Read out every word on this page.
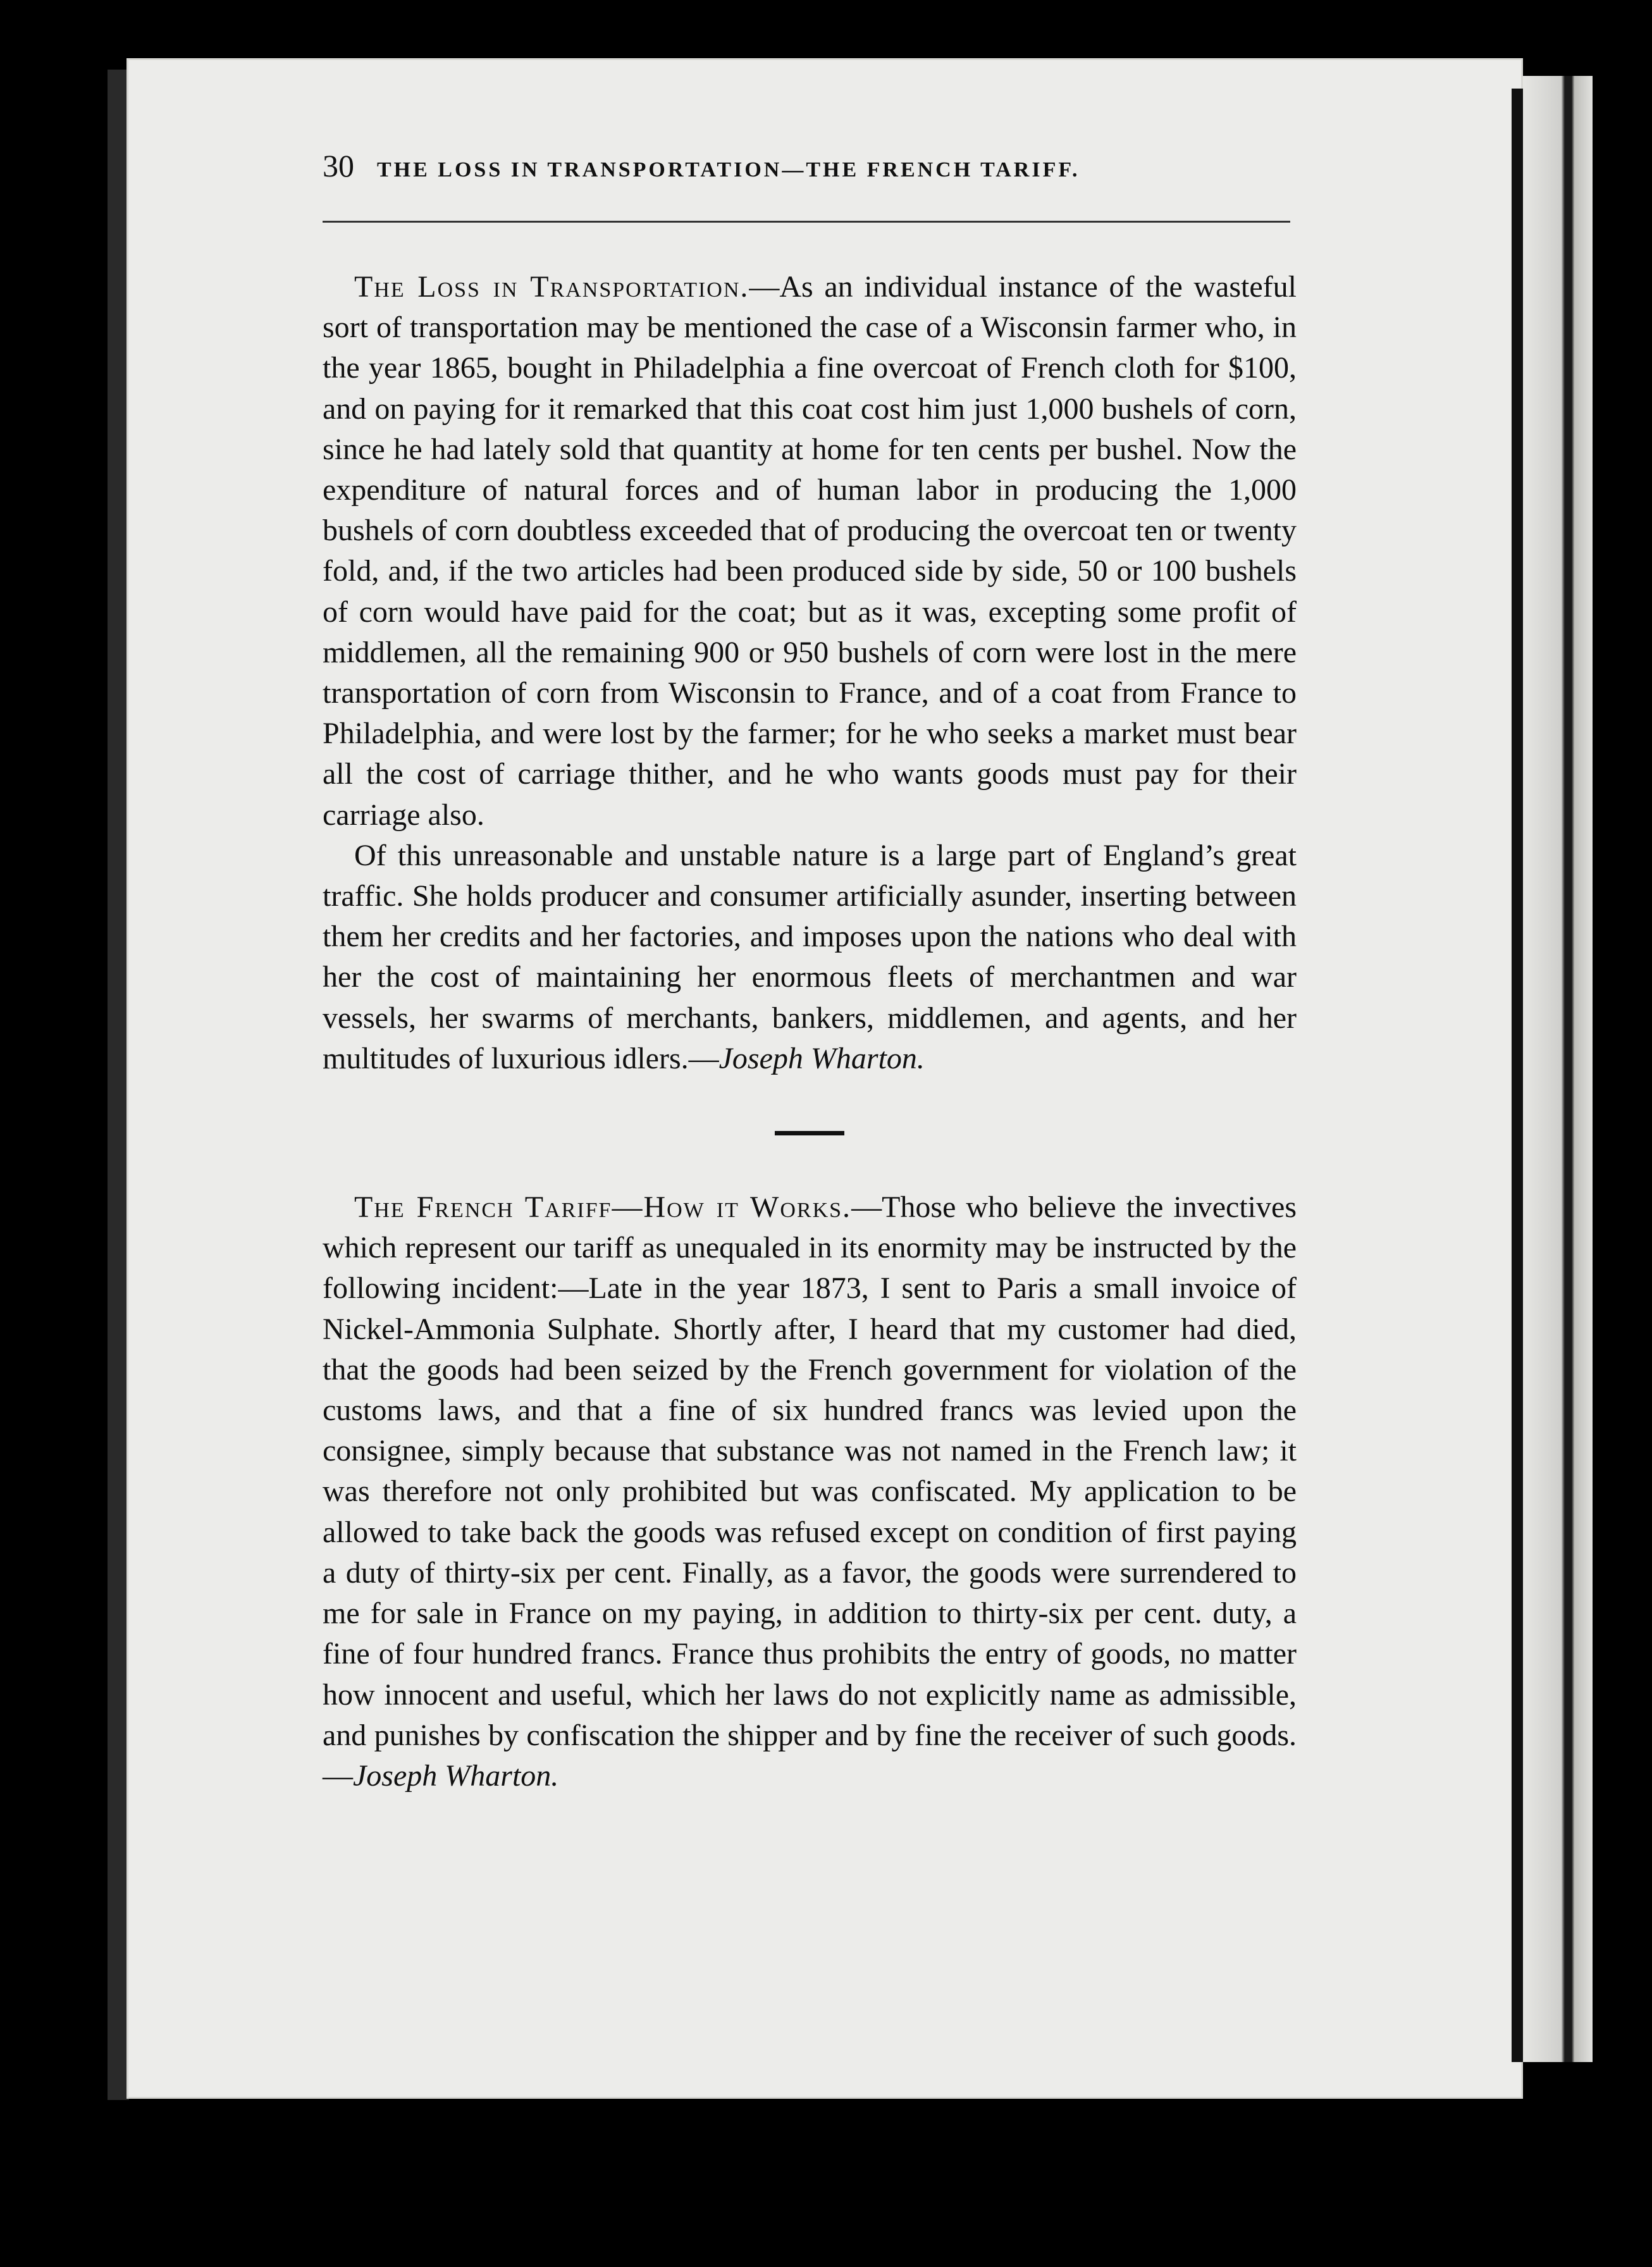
30 THE LOSS IN TRANSPORTATION—THE FRENCH TARIFF.

The Loss in Transportation.—As an individual instance of the wasteful sort of transportation may be mentioned the case of a Wisconsin farmer who, in the year 1865, bought in Philadelphia a fine overcoat of French cloth for $100, and on paying for it remarked that this coat cost him just 1,000 bushels of corn, since he had lately sold that quantity at home for ten cents per bushel. Now the expenditure of natural forces and of human labor in producing the 1,000 bushels of corn doubtless exceeded that of producing the overcoat ten or twenty fold, and, if the two articles had been produced side by side, 50 or 100 bushels of corn would have paid for the coat; but as it was, excepting some profit of middlemen, all the remaining 900 or 950 bushels of corn were lost in the mere transportation of corn from Wisconsin to France, and of a coat from France to Philadelphia, and were lost by the farmer; for he who seeks a market must bear all the cost of carriage thither, and he who wants goods must pay for their carriage also.

Of this unreasonable and unstable nature is a large part of England’s great traffic. She holds producer and consumer artificially asunder, inserting between them her credits and her factories, and imposes upon the nations who deal with her the cost of maintaining her enormous fleets of merchantmen and war vessels, her swarms of merchants, bankers, middlemen, and agents, and her multitudes of luxurious idlers.—Joseph Wharton.

The French Tariff—How it Works.—Those who believe the invectives which represent our tariff as unequaled in its enormity may be instructed by the following incident:—Late in the year 1873, I sent to Paris a small invoice of Nickel-Ammonia Sulphate. Shortly after, I heard that my customer had died, that the goods had been seized by the French government for violation of the customs laws, and that a fine of six hundred francs was levied upon the consignee, simply because that substance was not named in the French law; it was therefore not only prohibited but was confiscated. My application to be allowed to take back the goods was refused except on condition of first paying a duty of thirty-six per cent. Finally, as a favor, the goods were surrendered to me for sale in France on my paying, in addition to thirty-six per cent. duty, a fine of four hundred francs. France thus prohibits the entry of goods, no matter how innocent and useful, which her laws do not explicitly name as admissible, and punishes by confiscation the shipper and by fine the receiver of such goods.—Joseph Wharton.
